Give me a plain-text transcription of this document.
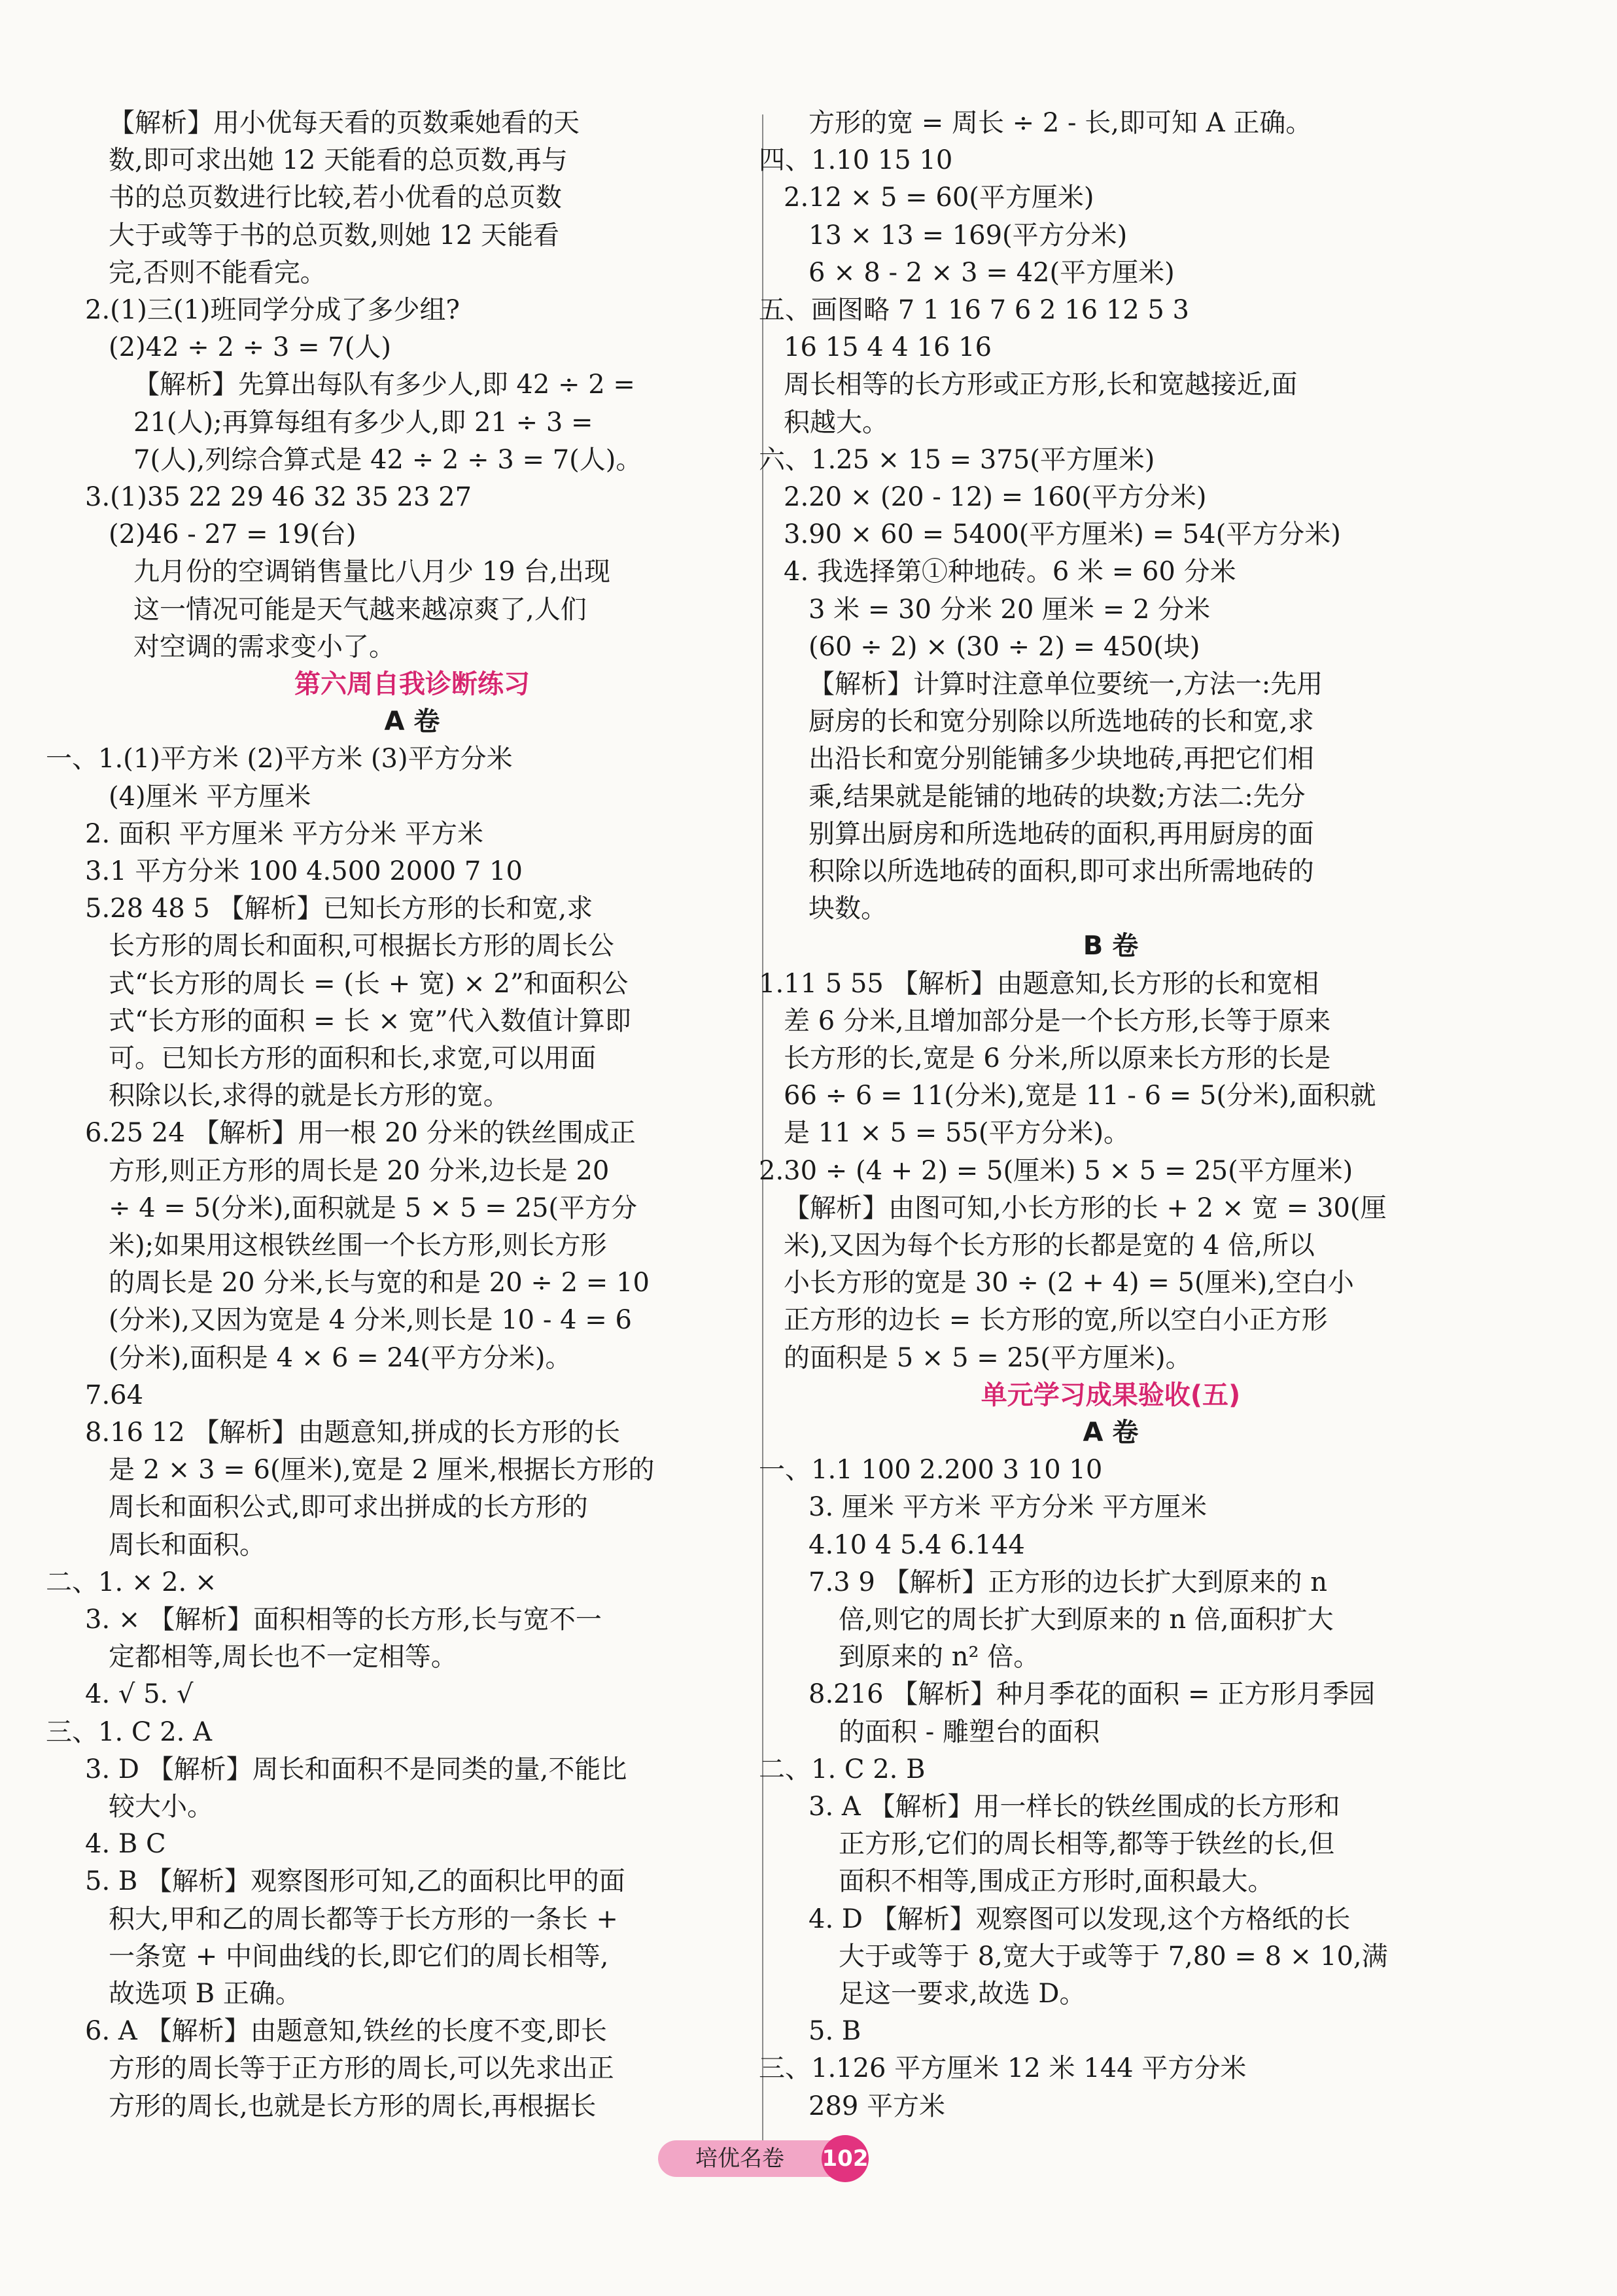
【解析】用小优每天看的页数乘她看的天
数,即可求出她 12 天能看的总页数,再与
书的总页数进行比较,若小优看的总页数
大于或等于书的总页数,则她 12 天能看
完,否则不能看完。
2.(1)三(1)班同学分成了多少组?
(2)42 ÷ 2 ÷ 3 = 7(人)
【解析】先算出每队有多少人,即 42 ÷ 2 =
21(人);再算每组有多少人,即 21 ÷ 3 =
7(人),列综合算式是 42 ÷ 2 ÷ 3 = 7(人)。
3.(1)35 22 29 46 32 35 23 27
(2)46 - 27 = 19(台)
九月份的空调销售量比八月少 19 台,出现
这一情况可能是天气越来越凉爽了,人们
对空调的需求变小了。
第六周自我诊断练习
A 卷
一、1.(1)平方米 (2)平方米 (3)平方分米
(4)厘米 平方厘米
2. 面积 平方厘米 平方分米 平方米
3.1 平方分米 100 4.500 2000 7 10
5.28 48 5 【解析】已知长方形的长和宽,求
长方形的周长和面积,可根据长方形的周长公
式“长方形的周长 = (长 + 宽) × 2”和面积公
式“长方形的面积 = 长 × 宽”代入数值计算即
可。已知长方形的面积和长,求宽,可以用面
积除以长,求得的就是长方形的宽。
6.25 24 【解析】用一根 20 分米的铁丝围成正
方形,则正方形的周长是 20 分米,边长是 20
÷ 4 = 5(分米),面积就是 5 × 5 = 25(平方分
米);如果用这根铁丝围一个长方形,则长方形
的周长是 20 分米,长与宽的和是 20 ÷ 2 = 10
(分米),又因为宽是 4 分米,则长是 10 - 4 = 6
(分米),面积是 4 × 6 = 24(平方分米)。
7.64
8.16 12 【解析】由题意知,拼成的长方形的长
是 2 × 3 = 6(厘米),宽是 2 厘米,根据长方形的
周长和面积公式,即可求出拼成的长方形的
周长和面积。
二、1. × 2. ×
3. × 【解析】面积相等的长方形,长与宽不一
定都相等,周长也不一定相等。
4. √ 5. √
三、1. C 2. A
3. D 【解析】周长和面积不是同类的量,不能比
较大小。
4. B C
5. B 【解析】观察图形可知,乙的面积比甲的面
积大,甲和乙的周长都等于长方形的一条长 +
一条宽 + 中间曲线的长,即它们的周长相等,
故选项 B 正确。
6. A 【解析】由题意知,铁丝的长度不变,即长
方形的周长等于正方形的周长,可以先求出正
方形的周长,也就是长方形的周长,再根据长
方形的宽 = 周长 ÷ 2 - 长,即可知 A 正确。
四、1.10 15 10
2.12 × 5 = 60(平方厘米)
13 × 13 = 169(平方分米)
6 × 8 - 2 × 3 = 42(平方厘米)
五、画图略 7 1 16 7 6 2 16 12 5 3
16 15 4 4 16 16
周长相等的长方形或正方形,长和宽越接近,面
积越大。
六、1.25 × 15 = 375(平方厘米)
2.20 × (20 - 12) = 160(平方分米)
3.90 × 60 = 5400(平方厘米) = 54(平方分米)
4. 我选择第①种地砖。6 米 = 60 分米
3 米 = 30 分米 20 厘米 = 2 分米
(60 ÷ 2) × (30 ÷ 2) = 450(块)
【解析】计算时注意单位要统一,方法一:先用
厨房的长和宽分别除以所选地砖的长和宽,求
出沿长和宽分别能铺多少块地砖,再把它们相
乘,结果就是能铺的地砖的块数;方法二:先分
别算出厨房和所选地砖的面积,再用厨房的面
积除以所选地砖的面积,即可求出所需地砖的
块数。
B 卷
1.11 5 55 【解析】由题意知,长方形的长和宽相
差 6 分米,且增加部分是一个长方形,长等于原来
长方形的长,宽是 6 分米,所以原来长方形的长是
66 ÷ 6 = 11(分米),宽是 11 - 6 = 5(分米),面积就
是 11 × 5 = 55(平方分米)。
2.30 ÷ (4 + 2) = 5(厘米) 5 × 5 = 25(平方厘米)
【解析】由图可知,小长方形的长 + 2 × 宽 = 30(厘
米),又因为每个长方形的长都是宽的 4 倍,所以
小长方形的宽是 30 ÷ (2 + 4) = 5(厘米),空白小
正方形的边长 = 长方形的宽,所以空白小正方形
的面积是 5 × 5 = 25(平方厘米)。
单元学习成果验收(五)
A 卷
一、1.1 100 2.200 3 10 10
3. 厘米 平方米 平方分米 平方厘米
4.10 4 5.4 6.144
7.3 9 【解析】正方形的边长扩大到原来的 n
倍,则它的周长扩大到原来的 n 倍,面积扩大
到原来的 n² 倍。
8.216 【解析】种月季花的面积 = 正方形月季园
的面积 - 雕塑台的面积
二、1. C 2. B
3. A 【解析】用一样长的铁丝围成的长方形和
正方形,它们的周长相等,都等于铁丝的长,但
面积不相等,围成正方形时,面积最大。
4. D 【解析】观察图可以发现,这个方格纸的长
大于或等于 8,宽大于或等于 7,80 = 8 × 10,满
足这一要求,故选 D。
5. B
三、1.126 平方厘米 12 米 144 平方分米
289 平方米
培优名卷	102
